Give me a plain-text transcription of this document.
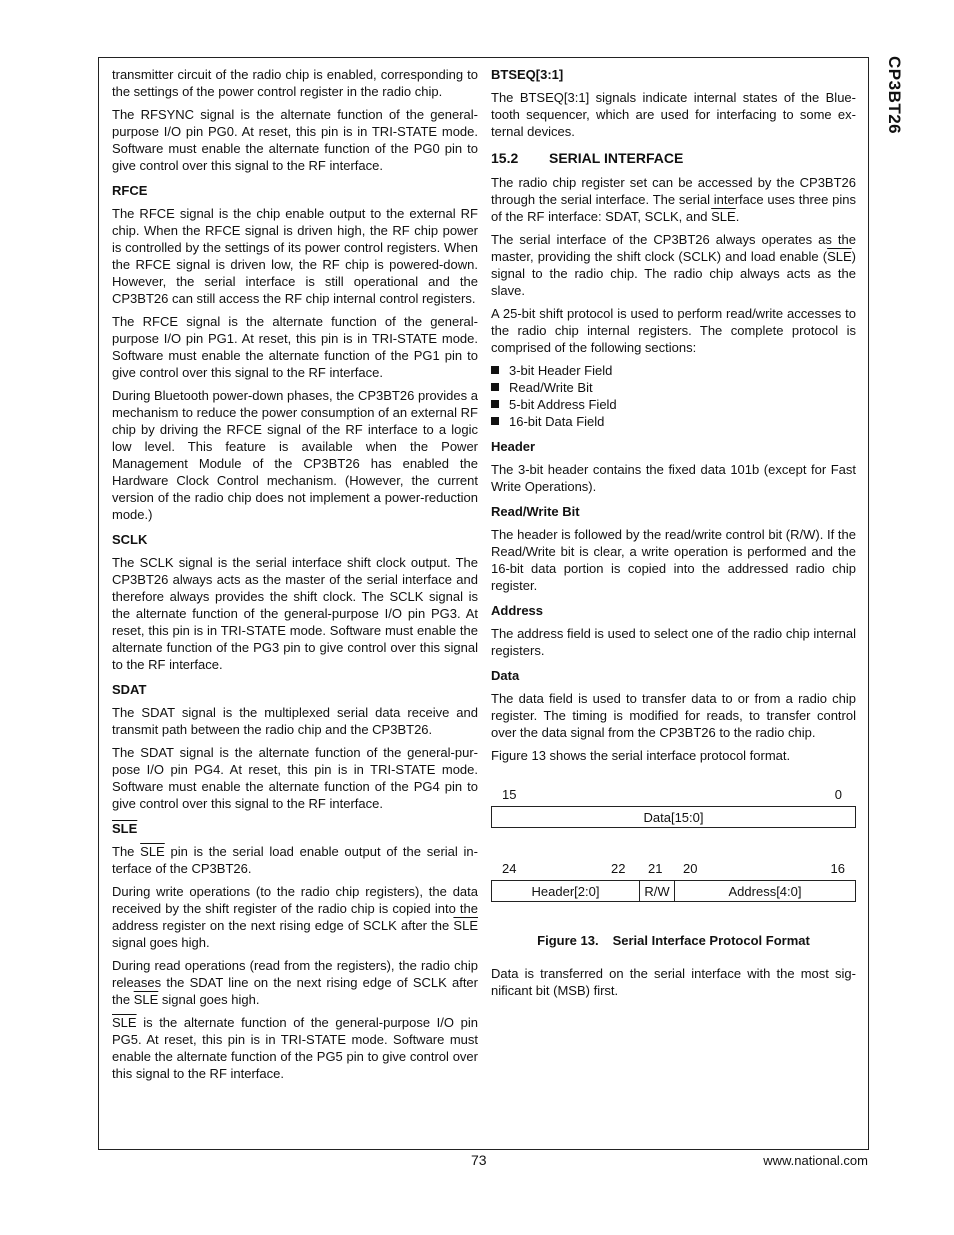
CP3BT26

transmitter circuit of the radio chip is enabled, corresponding to the settings of the power control register in the radio chip.

The RFSYNC signal is the alternate function of the general-purpose I/O pin PG0. At reset, this pin is in TRI-STATE mode. Software must enable the alternate function of the PG0 pin to give control over this signal to the RF interface.

RFCE

The RFCE signal is the chip enable output to the external RF chip. When the RFCE signal is driven high, the RF chip power is controlled by the settings of its power control registers. When the RFCE signal is driven low, the RF chip is powered-down. However, the serial interface is still operational and the CP3BT26 can still access the RF chip internal control registers.

The RFCE signal is the alternate function of the general-purpose I/O pin PG1. At reset, this pin is in TRI-STATE mode. Software must enable the alternate function of the PG1 pin to give control over this signal to the RF interface.

During Bluetooth power-down phases, the CP3BT26 provides a mechanism to reduce the power consumption of an external RF chip by driving the RFCE signal of the RF interface to a logic low level. This feature is available when the Power Management Module of the CP3BT26 has enabled the Hardware Clock Control mechanism. (However, the current version of the radio chip does not implement a power-reduction mode.)

SCLK

The SCLK signal is the serial interface shift clock output. The CP3BT26 always acts as the master of the serial interface and therefore always provides the shift clock. The SCLK signal is the alternate function of the general-purpose I/O pin PG3. At reset, this pin is in TRI-STATE mode. Software must enable the alternate function of the PG3 pin to give control over this signal to the RF interface.

SDAT

The SDAT signal is the multiplexed serial data receive and transmit path between the radio chip and the CP3BT26.

The SDAT signal is the alternate function of the general-purpose I/O pin PG4. At reset, this pin is in TRI-STATE mode. Software must enable the alternate function of the PG4 pin to give control over this signal to the RF interface.

SLE

The $\overline{SLE}$ pin is the serial load enable output of the serial interface of the CP3BT26.

During write operations (to the radio chip registers), the data received by the shift register of the radio chip is copied into the address register on the next rising edge of SCLK after the $\overline{SLE}$ signal goes high.

During read operations (read from the registers), the radio chip releases the SDAT line on the next rising edge of SCLK after the $\overline{SLE}$ signal goes high.

$\overline{SLE}$ is the alternate function of the general-purpose I/O pin PG5. At reset, this pin is in TRI-STATE mode. Software must enable the alternate function of the PG5 pin to give control over this signal to the RF interface.

BTSEQ[3:1]

The BTSEQ[3:1] signals indicate internal states of the Bluetooth sequencer, which are used for interfacing to some external devices.

15.2 SERIAL INTERFACE

The radio chip register set can be accessed by the CP3BT26 through the serial interface. The serial interface uses three pins of the RF interface: SDAT, SCLK, and $\overline{SLE}$.

The serial interface of the CP3BT26 always operates as the master, providing the shift clock (SCLK) and load enable $(\overline{SLE})$ signal to the radio chip. The radio chip always acts as the slave.

A 25-bit shift protocol is used to perform read/write accesses to the radio chip internal registers. The complete protocol is comprised of the following sections:

3-bit Header Field
Read/Write Bit
5-bit Address Field
16-bit Data Field
Header

The 3-bit header contains the fixed data 101b (except for Fast Write Operations).

Read/Write Bit

The header is followed by the read/write control bit (R/W). If the Read/Write bit is clear, a write operation is performed and the 16-bit data portion is copied into the addressed radio chip register.

Address

The address field is used to select one of the radio chip internal registers.

Data

The data field is used to transfer data to or from a radio chip register. The timing is modified for reads, to transfer control over the data signal from the CP3BT26 to the radio chip.

Figure 13 shows the serial interface protocol format.

15	0
Data[15:0]
24	22 21 20	16
Header[2:0]	R/W	Address[4:0]
Figure 13. Serial Interface Protocol Format

Data is transferred on the serial interface with the most significant bit (MSB) first.

73	www.national.com
